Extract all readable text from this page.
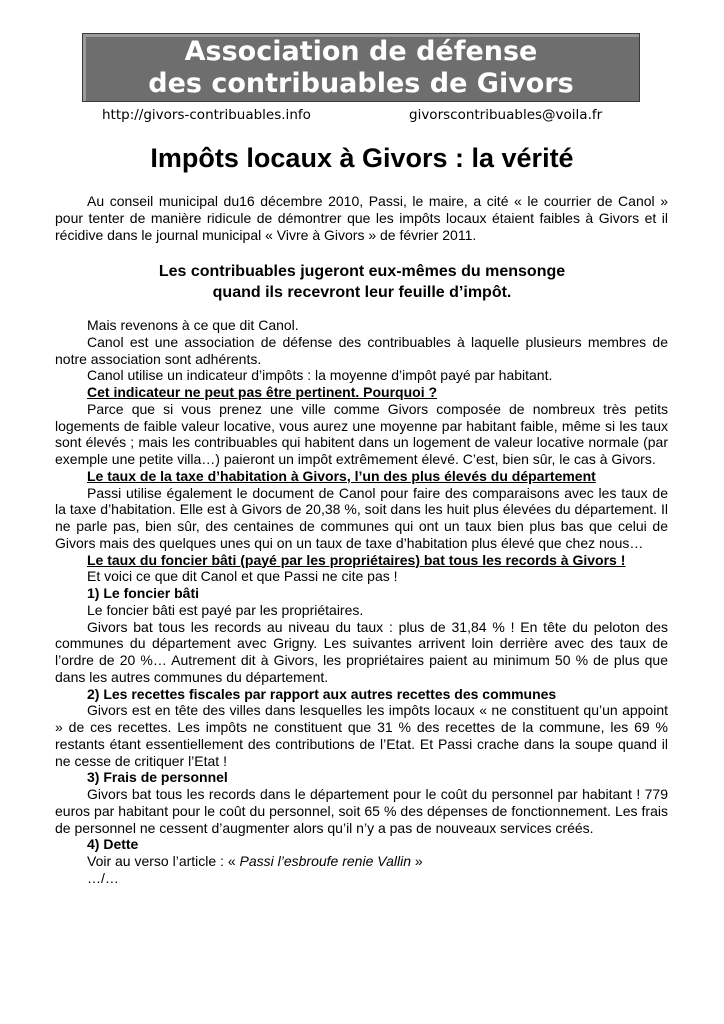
Association de défense
des contribuables de Givors
http://givors-contribuables.info	givorscontribuables@voila.fr
Impôts locaux à Givors : la vérité
Au conseil municipal du16 décembre 2010, Passi, le maire, a cité « le courrier de Canol » pour tenter de manière ridicule de démontrer que les impôts locaux étaient faibles à Givors et il récidive dans le journal municipal « Vivre à Givors » de février 2011.
Les contribuables jugeront eux-mêmes du mensonge
quand ils recevront leur feuille d’impôt.

Mais revenons à ce que dit Canol.

Canol est une association de défense des contribuables à laquelle plusieurs membres de notre association sont adhérents.

Canol utilise un indicateur d’impôts : la moyenne d’impôt payé par habitant.

Cet indicateur ne peut pas être pertinent. Pourquoi ?

Parce que si vous prenez une ville comme Givors composée de nombreux très petits logements de faible valeur locative, vous aurez une moyenne par habitant faible, même si les taux sont élevés ; mais les contribuables qui habitent dans un logement de valeur locative normale (par exemple une petite villa…) paieront un impôt extrêmement élevé. C’est, bien sûr, le cas à Givors.

Le taux de la taxe d’habitation à Givors, l’un des plus élevés du département

Passi utilise également le document de Canol pour faire des comparaisons avec les taux de la taxe d’habitation. Elle est à Givors de 20,38 %, soit dans les huit plus élevées du département. Il ne parle pas, bien sûr, des centaines de communes qui ont un taux bien plus bas que celui de Givors mais des quelques unes qui on un taux de taxe d’habitation plus élevé que chez nous…

Le taux du foncier bâti (payé par les propriétaires) bat tous les records à Givors !

Et voici ce que dit Canol et que Passi ne cite pas !

1) Le foncier bâti

Le foncier bâti est payé par les propriétaires.

Givors bat tous les records au niveau du taux : plus de 31,84 % ! En tête du peloton des communes du département avec Grigny. Les suivantes arrivent loin derrière avec des taux de l’ordre de 20 %… Autrement dit à Givors, les propriétaires paient au minimum 50 % de plus que dans les autres communes du département.

2) Les recettes fiscales par rapport aux autres recettes des communes

Givors est en tête des villes dans lesquelles les impôts locaux « ne constituent qu’un appoint » de ces recettes. Les impôts ne constituent que 31 % des recettes de la commune, les 69 % restants étant essentiellement des contributions de l’Etat. Et Passi crache dans la soupe quand il ne cesse de critiquer l’Etat !

3) Frais de personnel

Givors bat tous les records dans le département pour le coût du personnel par habitant ! 779 euros par habitant pour le coût du personnel, soit 65 % des dépenses de fonctionnement. Les frais de personnel ne cessent d’augmenter alors qu’il n’y a pas de nouveaux services créés.

4) Dette

Voir au verso l’article : « Passi l’esbroufe renie Vallin »

…/…
